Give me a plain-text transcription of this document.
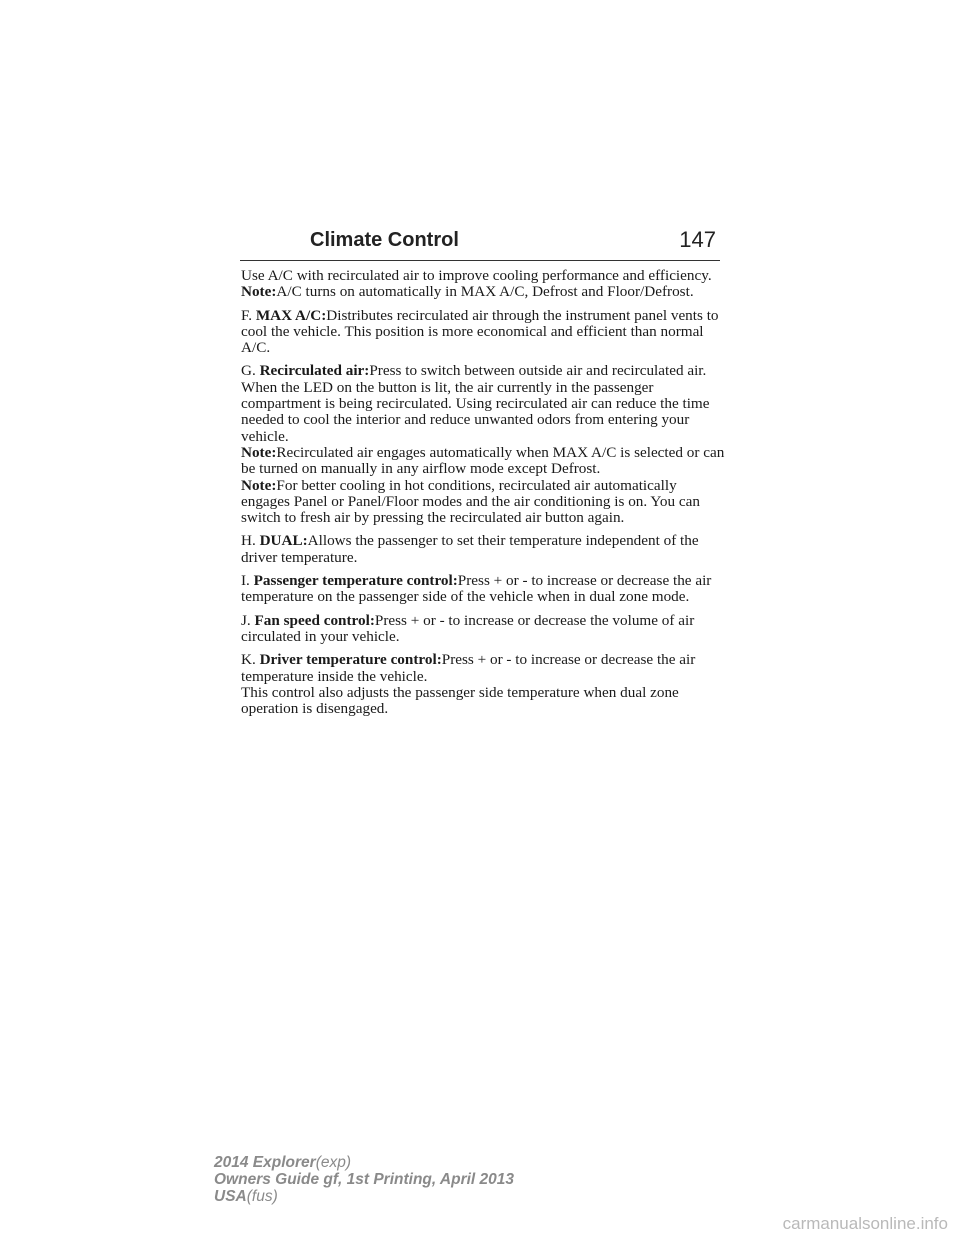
Climate Control	147
Use A/C with recirculated air to improve cooling performance and efficiency.
Note:A/C turns on automatically in MAX A/C, Defrost and Floor/Defrost.
F. MAX A/C:Distributes recirculated air through the instrument panel vents to cool the vehicle. This position is more economical and efficient than normal A/C.
G. Recirculated air:Press to switch between outside air and recirculated air. When the LED on the button is lit, the air currently in the passenger compartment is being recirculated. Using recirculated air can reduce the time needed to cool the interior and reduce unwanted odors from entering your vehicle.
Note:Recirculated air engages automatically when MAX A/C is selected or can be turned on manually in any airflow mode except Defrost.
Note:For better cooling in hot conditions, recirculated air automatically engages Panel or Panel/Floor modes and the air conditioning is on. You can switch to fresh air by pressing the recirculated air button again.
H. DUAL:Allows the passenger to set their temperature independent of the driver temperature.
I. Passenger temperature control:Press + or - to increase or decrease the air temperature on the passenger side of the vehicle when in dual zone mode.
J. Fan speed control:Press + or - to increase or decrease the volume of air circulated in your vehicle.
K. Driver temperature control:Press + or - to increase or decrease the air temperature inside the vehicle.
This control also adjusts the passenger side temperature when dual zone operation is disengaged.
2014 Explorer(exp)
Owners Guide gf, 1st Printing, April 2013
USA(fus)
carmanualsonline.info
